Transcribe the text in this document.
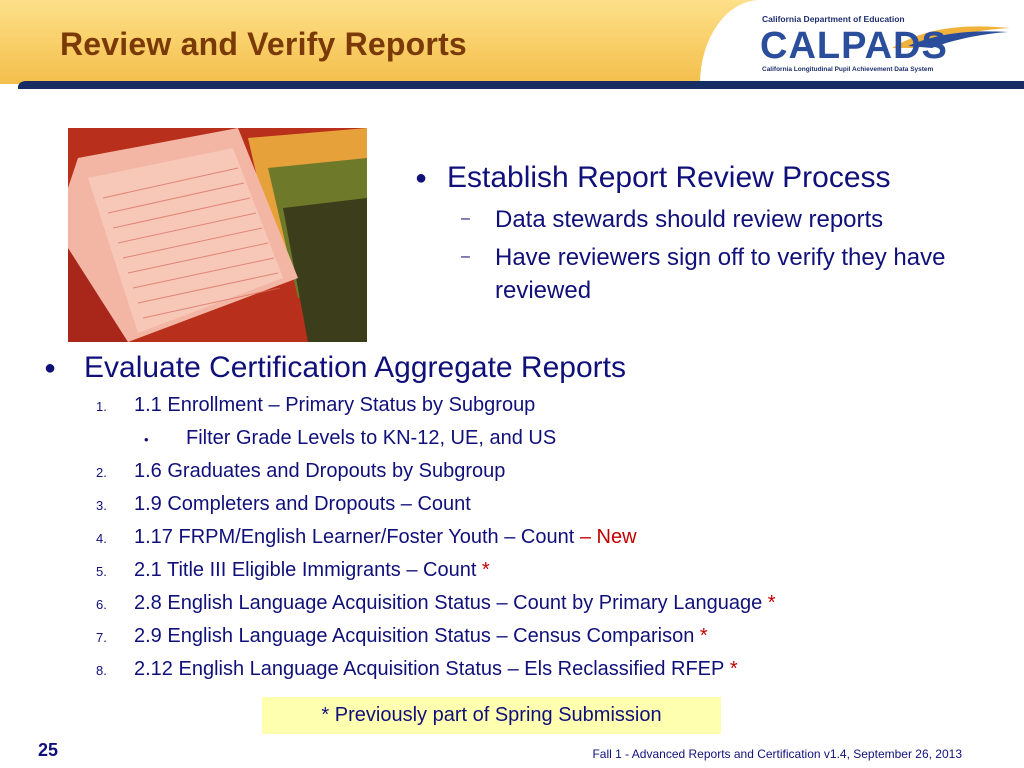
Review and Verify Reports
California Department of Education
CALPADS
California Longitudinal Pupil Achievement Data System
● Establish Report Review Process
–	Data stewards should review reports
–	Have reviewers sign off to verify they have reviewed
● Evaluate Certification Aggregate Reports
1.	1.1 Enrollment – Primary Status by Subgroup
•	Filter Grade Levels to KN-12, UE, and US
2.	1.6 Graduates and Dropouts by Subgroup
3.	1.9 Completers and Dropouts – Count
4.	1.17 FRPM/English Learner/Foster Youth – Count – New
5.	2.1 Title III Eligible Immigrants – Count *
6.	2.8 English Language Acquisition Status – Count by Primary Language *
7.	2.9 English Language Acquisition Status – Census Comparison *
8.	2.12 English Language Acquisition Status – Els Reclassified RFEP *
* Previously part of Spring Submission
25	Fall 1 - Advanced Reports and Certification v1.4, September 26, 2013
